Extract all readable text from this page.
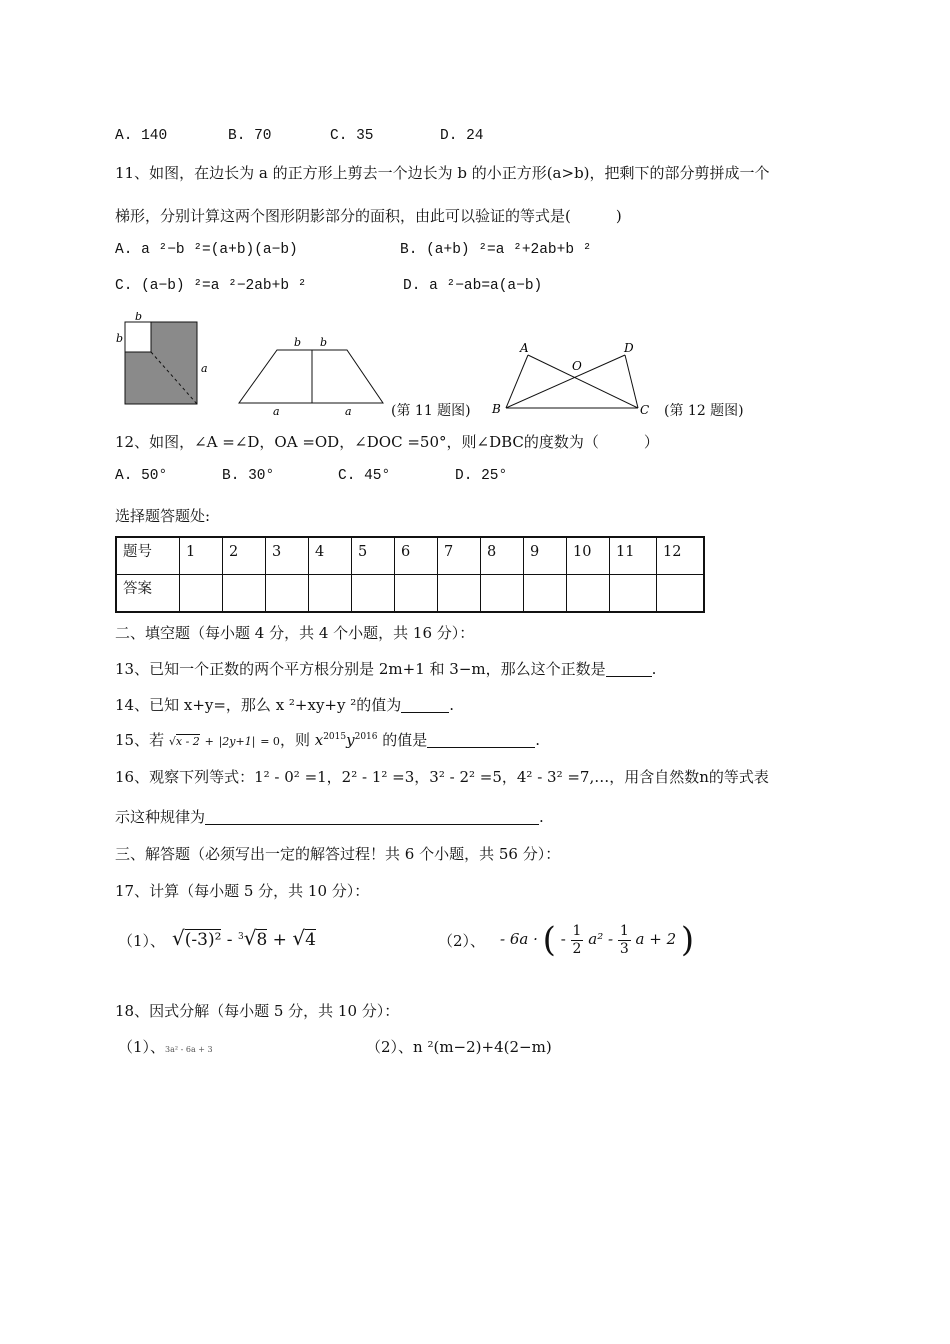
A. 140	B. 70	C. 35	D. 24
11、如图，在边长为 a 的正方形上剪去一个边长为 b 的小正方形(a>b)，把剩下的部分剪拼成一个
梯形，分别计算这两个图形阴影部分的面积，由此可以验证的等式是(　　　)
A. a ²−b ²=(a+b)(a−b)	B. (a+b) ²=a ²+2ab+b ²
C. (a−b) ²=a ²−2ab+b ²	D. a ²−ab=a(a−b)
b
b
a
b b
a	a	(第 11 题图)
A
O
D
B	C (第 12 题图)
12、如图，∠A =∠D，OA =OD，∠DOC =50°，则∠DBC的度数为（　　　）
A. 50°	B. 30°	C. 45°	D. 25°
选择题答题处:
题号	1	2	3	4	5	6	7	8	9	10	11	12
答案												
二、填空题（每小题 4 分，共 4 个小题，共 16 分）：
13、已知一个正数的两个平方根分别是 2m+1 和 3−m，那么这个正数是	.
14、已知 x+y=，那么 x ²+xy+y ²的值为	.
15、若 √x - 2 + |2y+1| = 0，则 $x^{2015}y^{2016}$ 的值是	.
16、观察下列等式：1² - 0² =1，2² - 1² =3，3² - 2² =5，4² - 3² =7,…，用含自然数n的等式表
示这种规律为	.
三、解答题（必须写出一定的解答过程！共 6 个小题，共 56 分）：
17、计算（每小题 5 分，共 10 分）：
（1）、 √(-3)² - $^3$√8 + √4	（2）、 - 6a · ( - $\frac{1}{2} a^2 - \frac{1}{3}$ a + 2 )
18、因式分解（每小题 5 分，共 10 分）：
（1）、3a² - 6a + 3	（2）、n ²(m−2)+4(2−m)
